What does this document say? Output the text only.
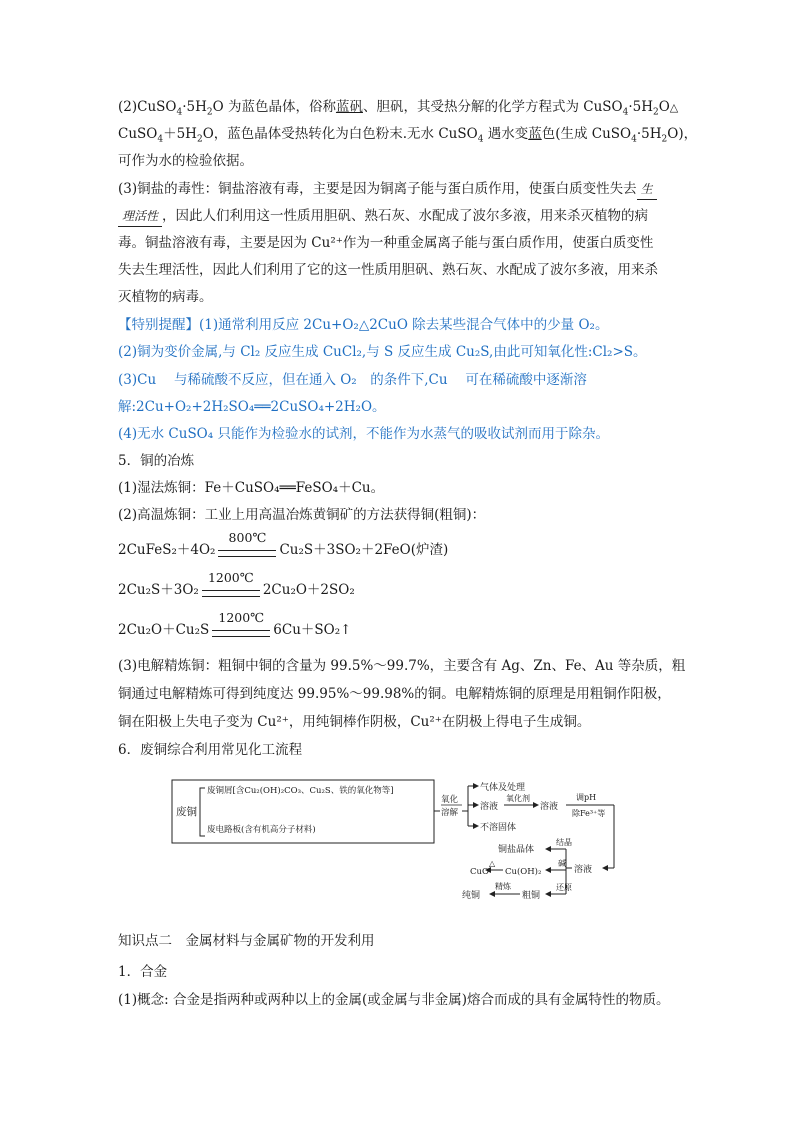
$(2)CuSO_4\cdot 5H_2O$ 为蓝色晶体，俗称蓝矾、胆矾，其受热分解的化学方程式为 $CuSO_4\cdot 5H_2O\triangle$
$CuSO_4+5H_2O$，蓝色晶体受热转化为白色粉末.无水 CuSO$_4$ 遇水变蓝色(生成 $CuSO_4\cdot 5H_2O$)，
可作为水的检验依据。
(3)铜盐的毒性：铜盐溶液有毒，主要是因为铜离子能与蛋白质作用，使蛋白质变性失去 生
理活性 ，因此人们利用这一性质用胆矾、熟石灰、水配成了波尔多液，用来杀灭植物的病
毒。铜盐溶液有毒，主要是因为 Cu²⁺作为一种重金属离子能与蛋白质作用，使蛋白质变性
失去生理活性，因此人们利用了它的这一性质用胆矾、熟石灰、水配成了波尔多液，用来杀
灭植物的病毒。
【特别提醒】(1)通常利用反应 2Cu+O₂△2CuO 除去某些混合气体中的少量 O₂。
(2)铜为变价金属,与 Cl₂ 反应生成 CuCl₂,与 S 反应生成 Cu₂S,由此可知氧化性:Cl₂>S。
(3)Cu　 与稀硫酸不反应，但在通入 O₂　的条件下,Cu　 可在稀硫酸中逐渐溶
解:2Cu+O₂+2H₂SO₄══2CuSO₄+2H₂O。
(4)无水 CuSO₄ 只能作为检验水的试剂，不能作为水蒸气的吸收试剂而用于除杂。
5．铜的冶炼
(1)湿法炼铜：Fe＋CuSO₄══FeSO₄＋Cu。
(2)高温炼铜：工业上用高温冶炼黄铜矿的方法获得铜(粗铜)：
2CuFeS₂＋4O₂
800℃
Cu₂S＋3SO₂＋2FeO(炉渣)
2Cu₂S＋3O₂
1200℃
2Cu₂O＋2SO₂
2Cu₂O＋Cu₂S
1200℃
6Cu＋SO₂↑
(3)电解精炼铜：粗铜中铜的含量为 99.5%～99.7%，主要含有 Ag、Zn、Fe、Au 等杂质，粗
铜通过电解精炼可得到纯度达 99.95%～99.98%的铜。电解精炼铜的原理是用粗铜作阳极，
铜在阳极上失电子变为 Cu²⁺，用纯铜棒作阴极，Cu²⁺在阴极上得电子生成铜。
6．废铜综合利用常见化工流程
废铜
废铜屑[含Cu₂(OH)₂CO₃、Cu₂S、铁的氧化物等]
废电路板(含有机高分子材料)
氧化
溶解
气体及处理
溶液
不溶固体
氧化剂
溶液
调pH
除Fe³⁺等
溶液
结晶
碱
还原
铜盐晶体
Cu(OH)₂
△
CuO
粗铜
精炼
纯铜
知识点二　金属材料与金属矿物的开发利用
1．合金
(1)概念: 合金是指两种或两种以上的金属(或金属与非金属)熔合而成的具有金属特性的物质。
